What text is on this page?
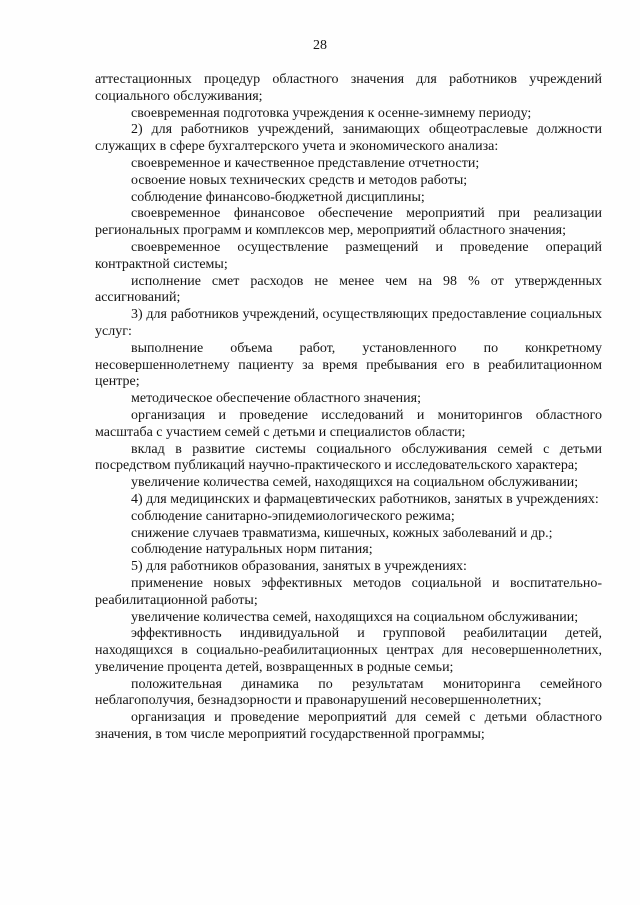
28

аттестационных процедур областного значения для работников учреждений социального обслуживания;

своевременная подготовка учреждения к осенне-зимнему периоду;

2) для работников учреждений, занимающих общеотраслевые должности служащих в сфере бухгалтерского учета и экономического анализа:

своевременное и качественное представление отчетности;

освоение новых технических средств и методов работы;

соблюдение финансово-бюджетной дисциплины;

своевременное финансовое обеспечение мероприятий при реализации региональных программ и комплексов мер, мероприятий областного значения;

своевременное осуществление размещений и проведение операций контрактной системы;

исполнение смет расходов не менее чем на 98 % от утвержденных ассигнований;

3) для работников учреждений, осуществляющих предоставление социальных услуг:

выполнение объема работ, установленного по конкретному несовершеннолетнему пациенту за время пребывания его в реабилитационном центре;

методическое обеспечение областного значения;

организация и проведение исследований и мониторингов областного масштаба с участием семей с детьми и специалистов области;

вклад в развитие системы социального обслуживания семей с детьми посредством публикаций научно-практического и исследовательского характера;

увеличение количества семей, находящихся на социальном обслуживании;

4) для медицинских и фармацевтических работников, занятых в учреждениях:

соблюдение санитарно-эпидемиологического режима;

снижение случаев травматизма, кишечных, кожных заболеваний и др.;

соблюдение натуральных норм питания;

5) для работников образования, занятых в учреждениях:

применение новых эффективных методов социальной и воспитательно-реабилитационной работы;

увеличение количества семей, находящихся на социальном обслуживании;

эффективность индивидуальной и групповой реабилитации детей, находящихся в социально-реабилитационных центрах для несовершеннолетних, увеличение процента детей, возвращенных в родные семьи;

положительная динамика по результатам мониторинга семейного неблагополучия, безнадзорности и правонарушений несовершеннолетних;

организация и проведение мероприятий для семей с детьми областного значения, в том числе мероприятий государственной программы;
